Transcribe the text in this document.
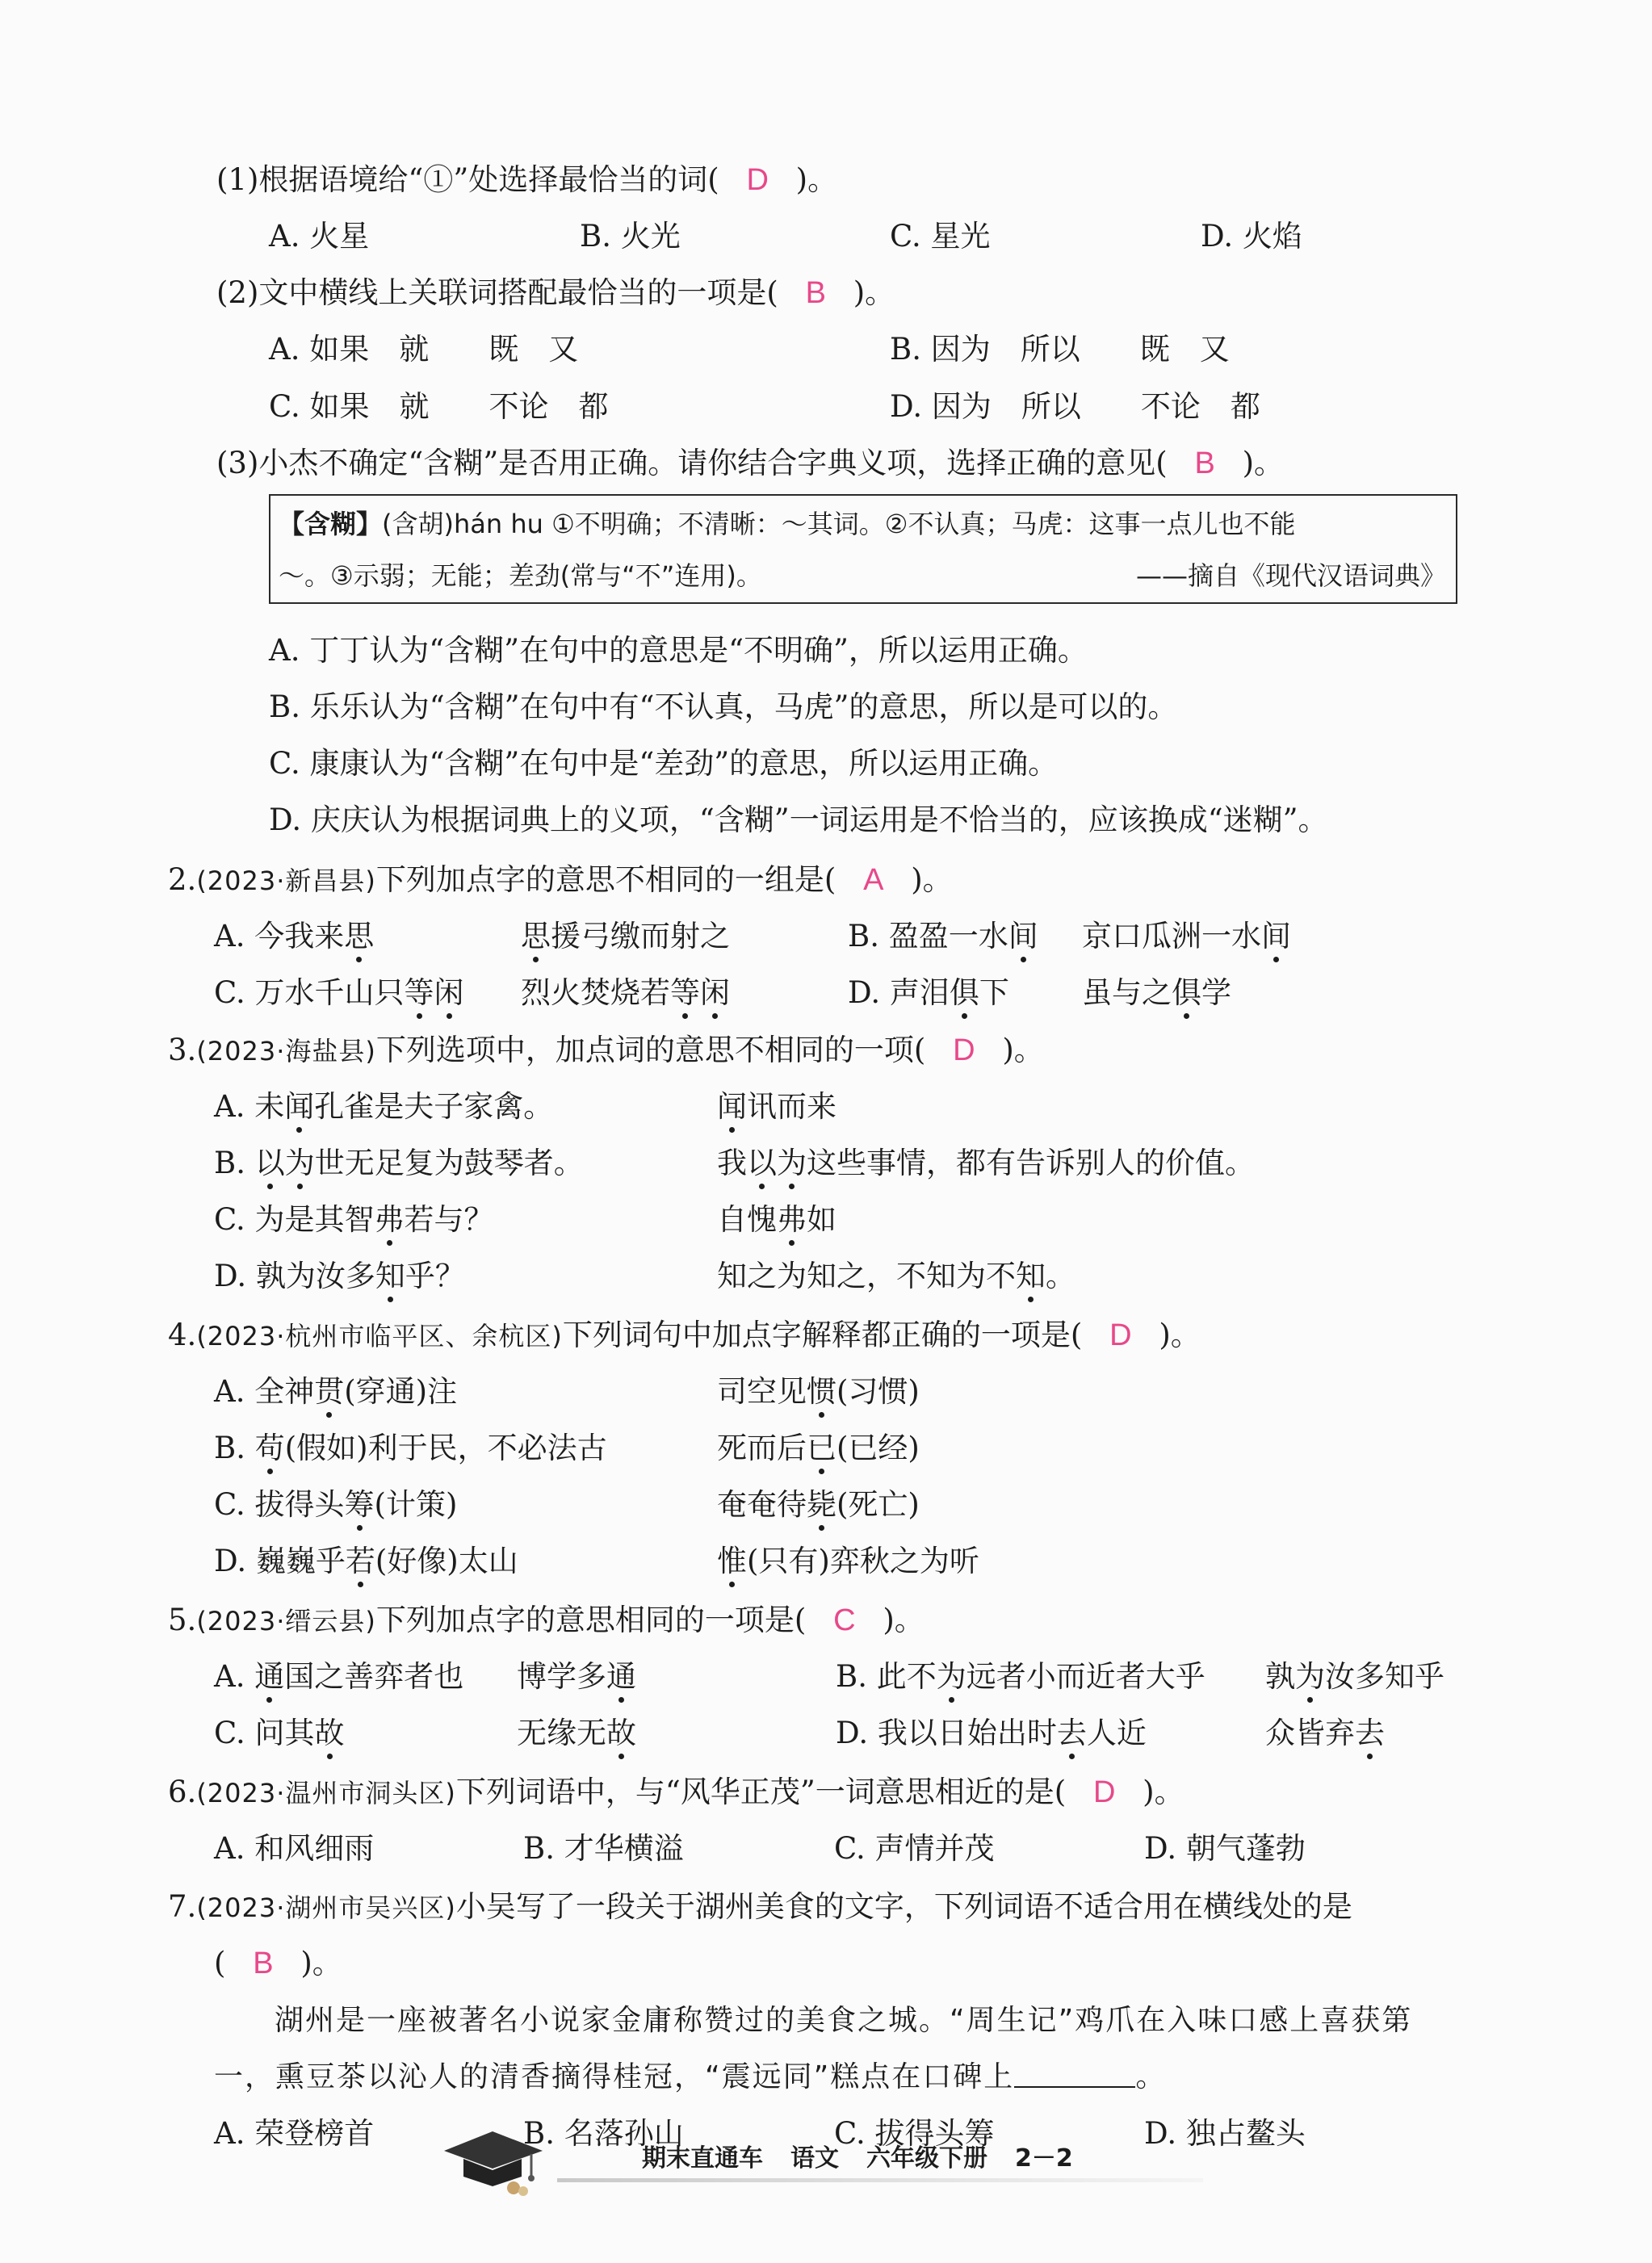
(1)根据语境给“①”处选择最恰当的词( D )。
A. 火星	B. 火光	C. 星光	D. 火焰
(2)文中横线上关联词搭配最恰当的一项是( B )。
A. 如果　就　　既　又	B. 因为　所以　　既　又
C. 如果　就　　不论　都	D. 因为　所以　　不论　都
(3)小杰不确定“含糊”是否用正确。请你结合字典义项，选择正确的意见( B )。
【含糊】(含胡)hán hu ①不明确；不清晰：～其词。②不认真；马虎：这事一点儿也不能
～。③示弱；无能；差劲(常与“不”连用)。	——摘自《现代汉语词典》
A. 丁丁认为“含糊”在句中的意思是“不明确”，所以运用正确。
B. 乐乐认为“含糊”在句中有“不认真，马虎”的意思，所以是可以的。
C. 康康认为“含糊”在句中是“差劲”的意思，所以运用正确。
D. 庆庆认为根据词典上的义项，“含糊”一词运用是不恰当的，应该换成“迷糊”。
2.(2023·新昌县)下列加点字的意思不相同的一组是( A )。
A. 今我来思	思援弓缴而射之	B. 盈盈一水间 京口瓜洲一水间
C. 万水千山只等闲 烈火焚烧若等闲	D. 声泪俱下 虽与之俱学
3.(2023·海盐县)下列选项中，加点词的意思不相同的一项( D )。
A. 未闻孔雀是夫子家禽。	闻讯而来
B. 以为世无足复为鼓琴者。	我以为这些事情，都有告诉别人的价值。
C. 为是其智弗若与？	自愧弗如
D. 孰为汝多知乎？	知之为知之，不知为不知。
4.(2023·杭州市临平区、余杭区)下列词句中加点字解释都正确的一项是( D )。
A. 全神贯(穿通)注	司空见惯(习惯)
B. 苟(假如)利于民，不必法古	死而后已(已经)
C. 拔得头筹(计策)	奄奄待毙(死亡)
D. 巍巍乎若(好像)太山	惟(只有)弈秋之为听
5.(2023·缙云县)下列加点字的意思相同的一项是( C )。
A. 通国之善弈者也 博学多通	B. 此不为远者小而近者大乎 孰为汝多知乎
C. 问其故	无缘无故	D. 我以日始出时去人近	众皆弃去
6.(2023·温州市洞头区)下列词语中，与“风华正茂”一词意思相近的是( D )。
A. 和风细雨	B. 才华横溢	C. 声情并茂	D. 朝气蓬勃
7.(2023·湖州市吴兴区)小吴写了一段关于湖州美食的文字，下列词语不适合用在横线处的是
( B )。
湖州是一座被著名小说家金庸称赞过的美食之城。“周生记”鸡爪在入味口感上喜获第
一，熏豆茶以沁人的清香摘得桂冠，“震远同”糕点在口碑上	。
A. 荣登榜首	B. 名落孙山	C. 拔得头筹	D. 独占鳌头
期末直通车 语文 六年级下册 2－2
